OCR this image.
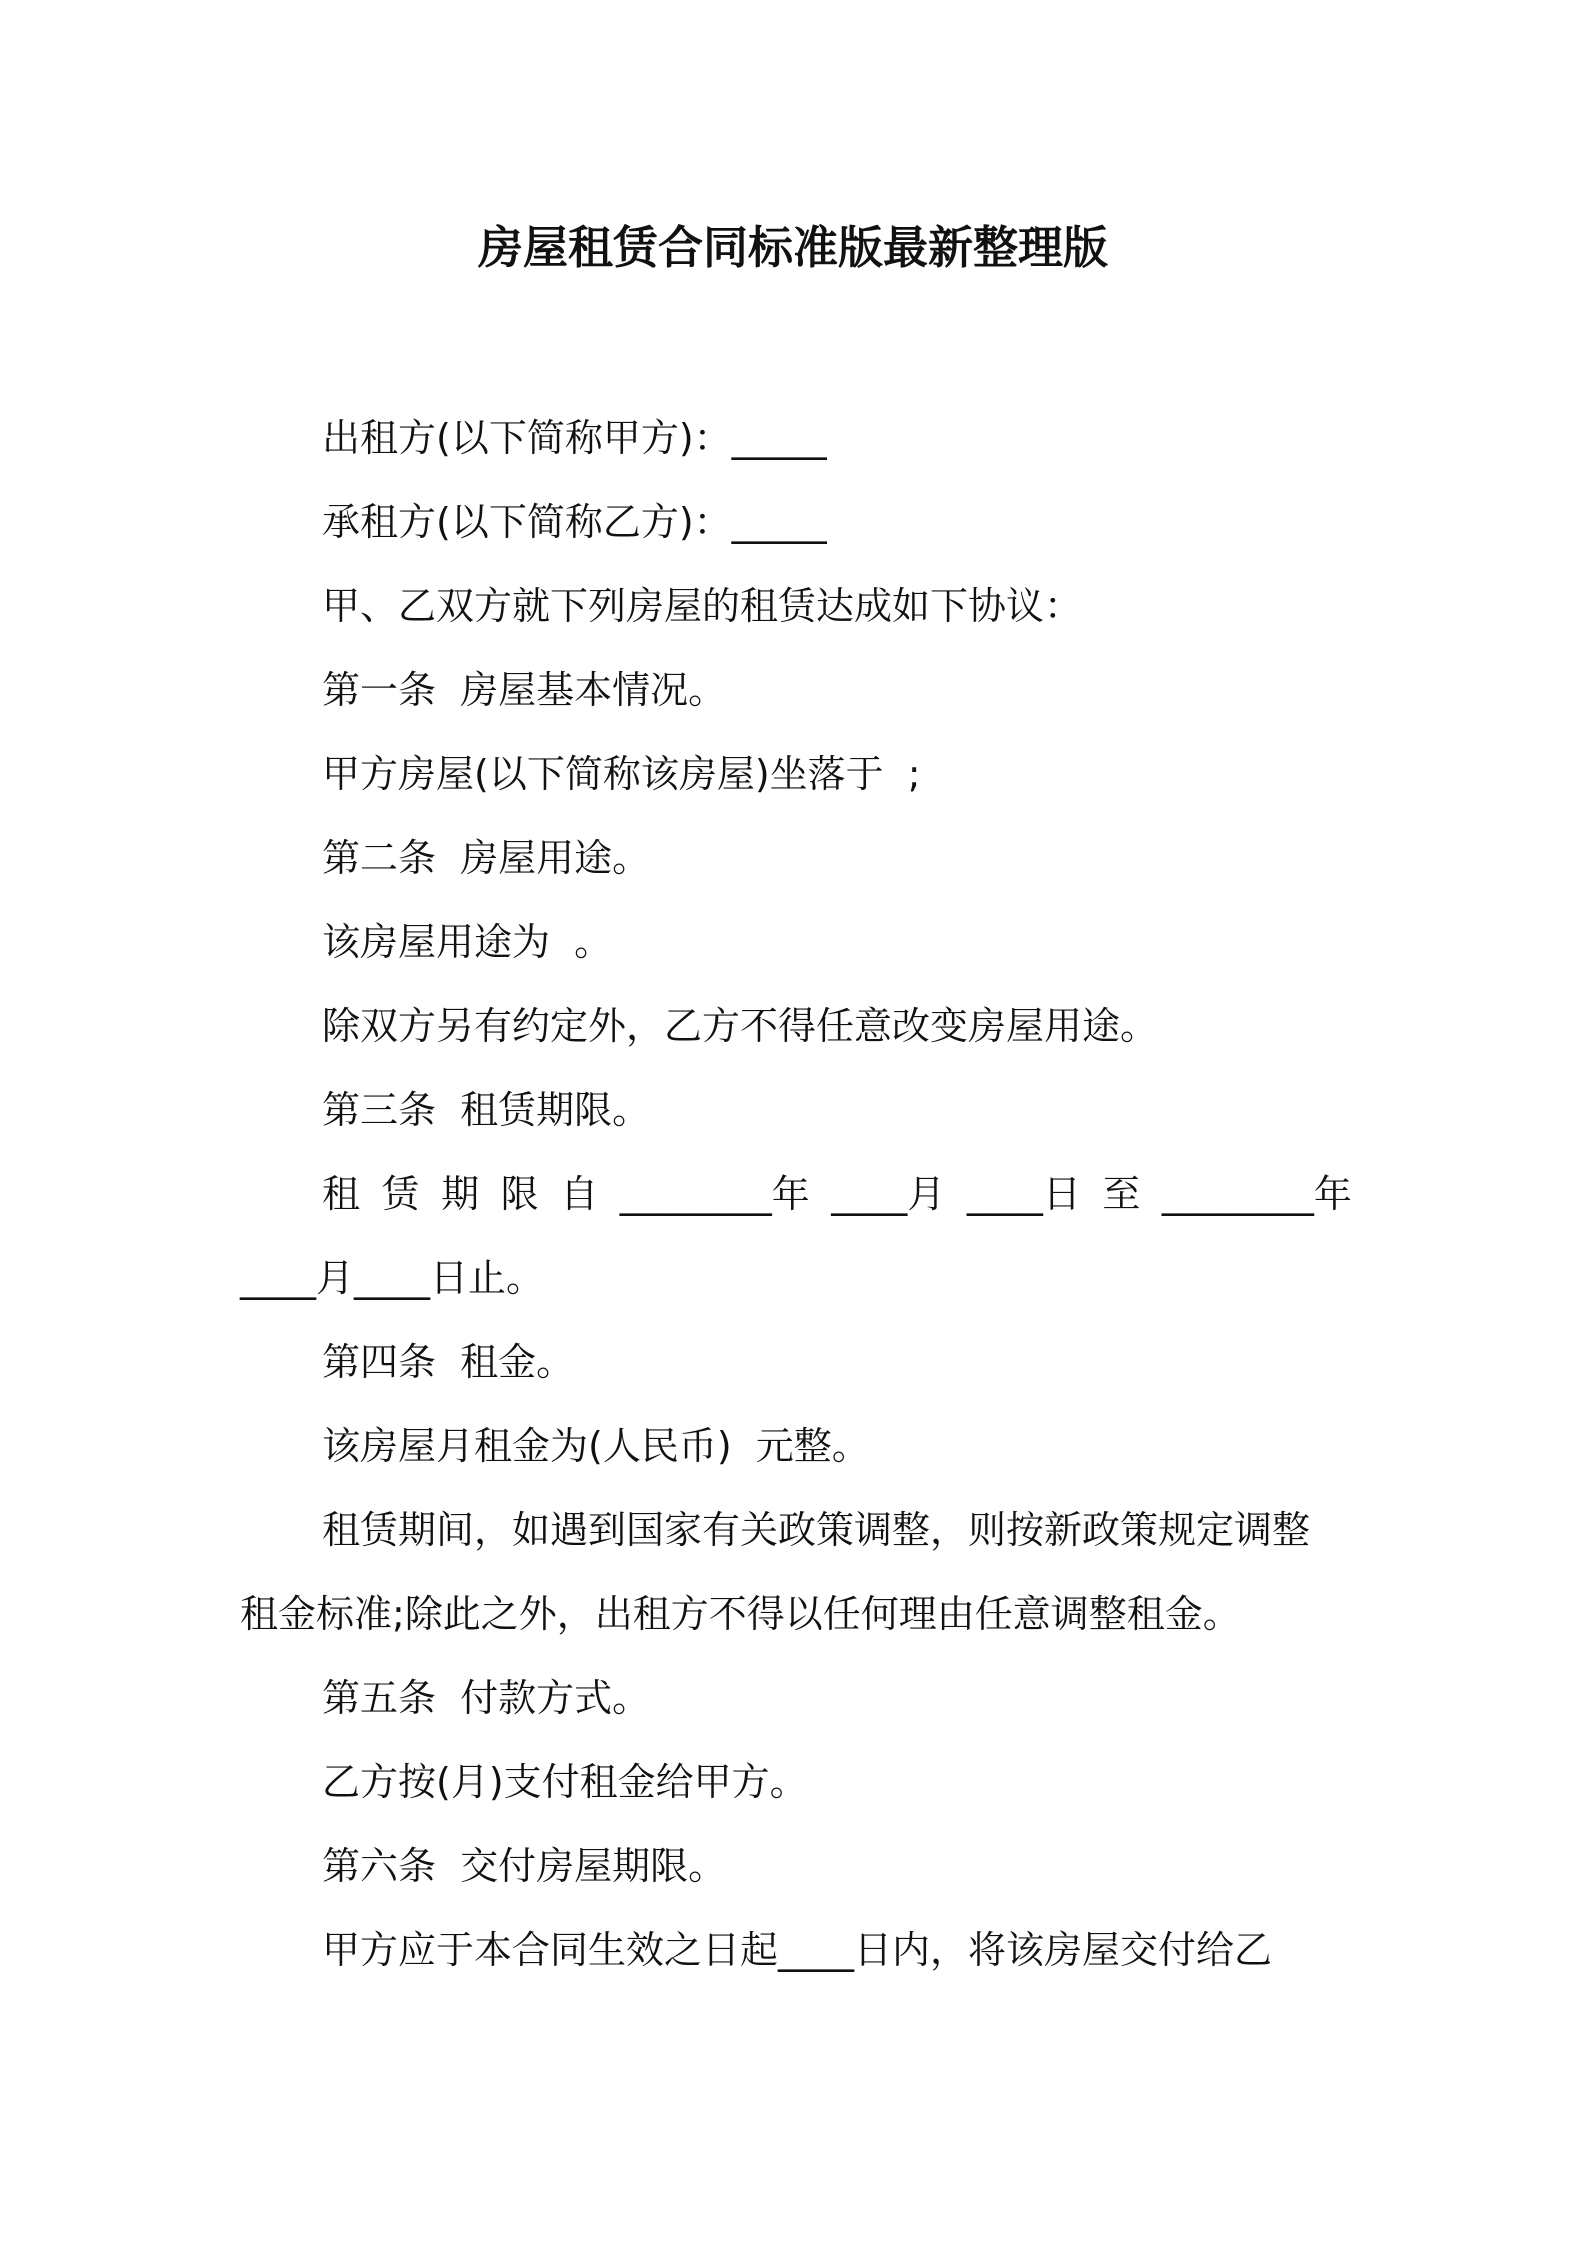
房屋租赁合同标准版最新整理版
出租方(以下简称甲方)：_____
承租方(以下简称乙方)：_____
甲、乙双方就下列房屋的租赁达成如下协议：
第一条  房屋基本情况。
甲方房屋(以下简称该房屋)坐落于  ;
第二条  房屋用途。
该房屋用途为  。
除双方另有约定外，乙方不得任意改变房屋用途。
第三条  租赁期限。
租 赁 期 限 自 ________年 ____月 ____日 至 ________年
____月____日止。
第四条  租金。
该房屋月租金为(人民币)  元整。
租赁期间，如遇到国家有关政策调整，则按新政策规定调整
租金标准;除此之外，出租方不得以任何理由任意调整租金。
第五条  付款方式。
乙方按(月)支付租金给甲方。
第六条  交付房屋期限。
甲方应于本合同生效之日起____日内，将该房屋交付给乙
